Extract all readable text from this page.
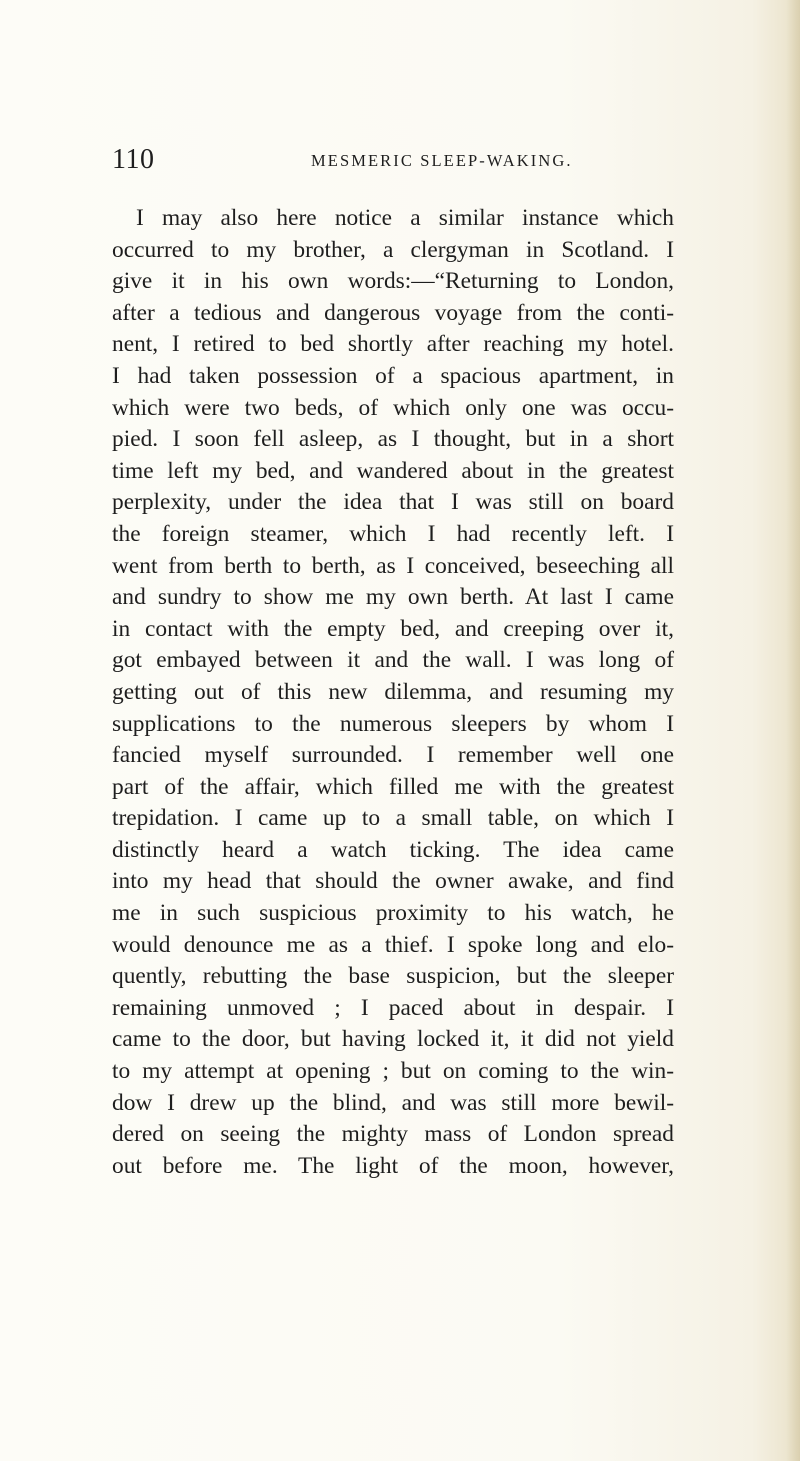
110	MESMERIC SLEEP-WAKING.
I may also here notice a similar instance which
occurred to my brother, a clergyman in Scotland. I
give it in his own words:—“Returning to London,
after a tedious and dangerous voyage from the conti-
nent, I retired to bed shortly after reaching my hotel.
I had taken possession of a spacious apartment, in
which were two beds, of which only one was occu-
pied. I soon fell asleep, as I thought, but in a short
time left my bed, and wandered about in the greatest
perplexity, under the idea that I was still on board
the foreign steamer, which I had recently left. I
went from berth to berth, as I conceived, beseeching all
and sundry to show me my own berth. At last I came
in contact with the empty bed, and creeping over it,
got embayed between it and the wall. I was long of
getting out of this new dilemma, and resuming my
supplications to the numerous sleepers by whom I
fancied myself surrounded. I remember well one
part of the affair, which filled me with the greatest
trepidation. I came up to a small table, on which I
distinctly heard a watch ticking. The idea came
into my head that should the owner awake, and find
me in such suspicious proximity to his watch, he
would denounce me as a thief. I spoke long and elo-
quently, rebutting the base suspicion, but the sleeper
remaining unmoved ; I paced about in despair. I
came to the door, but having locked it, it did not yield
to my attempt at opening ; but on coming to the win-
dow I drew up the blind, and was still more bewil-
dered on seeing the mighty mass of London spread
out before me. The light of the moon, however,
